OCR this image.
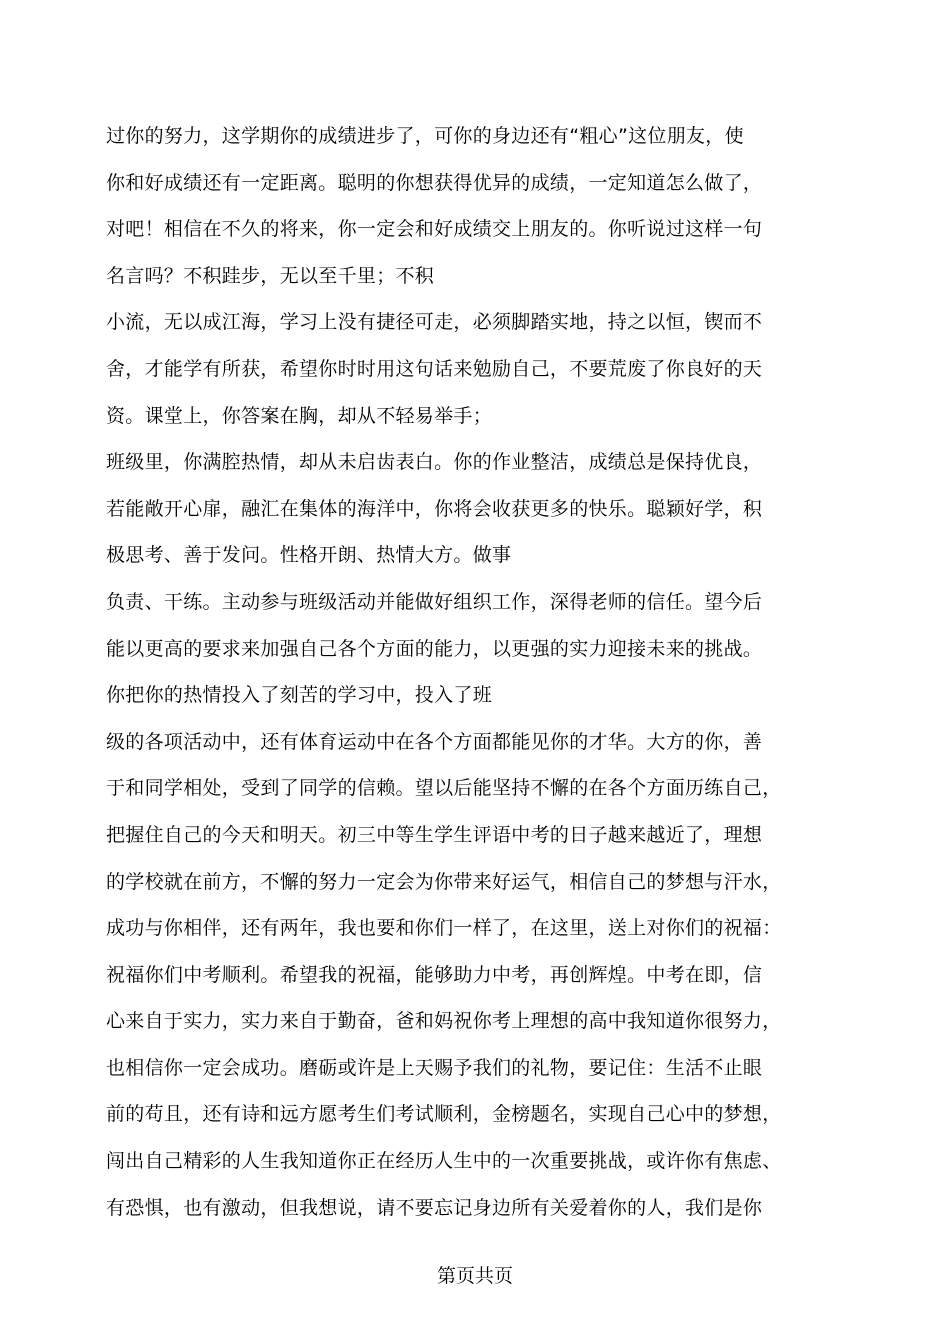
过你的努力，这学期你的成绩进步了，可你的身边还有“粗心”这位朋友，使
你和好成绩还有一定距离。聪明的你想获得优异的成绩，一定知道怎么做了，
对吧！相信在不久的将来，你一定会和好成绩交上朋友的。你听说过这样一句
名言吗？不积跬步，无以至千里；不积
小流，无以成江海，学习上没有捷径可走，必须脚踏实地，持之以恒，锲而不
舍，才能学有所获，希望你时时用这句话来勉励自己，不要荒废了你良好的天
资。课堂上，你答案在胸，却从不轻易举手；
班级里，你满腔热情，却从未启齿表白。你的作业整洁，成绩总是保持优良，
若能敞开心扉，融汇在集体的海洋中，你将会收获更多的快乐。聪颖好学，积
极思考、善于发问。性格开朗、热情大方。做事
负责、干练。主动参与班级活动并能做好组织工作，深得老师的信任。望今后
能以更高的要求来加强自己各个方面的能力，以更强的实力迎接未来的挑战。
你把你的热情投入了刻苦的学习中，投入了班
级的各项活动中，还有体育运动中在各个方面都能见你的才华。大方的你，善
于和同学相处，受到了同学的信赖。望以后能坚持不懈的在各个方面历练自己，
把握住自己的今天和明天。初三中等生学生评语中考的日子越来越近了，理想
的学校就在前方，不懈的努力一定会为你带来好运气，相信自己的梦想与汗水，
成功与你相伴，还有两年，我也要和你们一样了，在这里，送上对你们的祝福：
祝福你们中考顺利。希望我的祝福，能够助力中考，再创辉煌。中考在即，信
心来自于实力，实力来自于勤奋，爸和妈祝你考上理想的高中我知道你很努力，
也相信你一定会成功。磨砺或许是上天赐予我们的礼物，要记住：生活不止眼
前的苟且，还有诗和远方愿考生们考试顺利，金榜题名，实现自己心中的梦想，
闯出自己精彩的人生我知道你正在经历人生中的一次重要挑战，或许你有焦虑、
有恐惧，也有激动，但我想说，请不要忘记身边所有关爱着你的人，我们是你
第页共页
